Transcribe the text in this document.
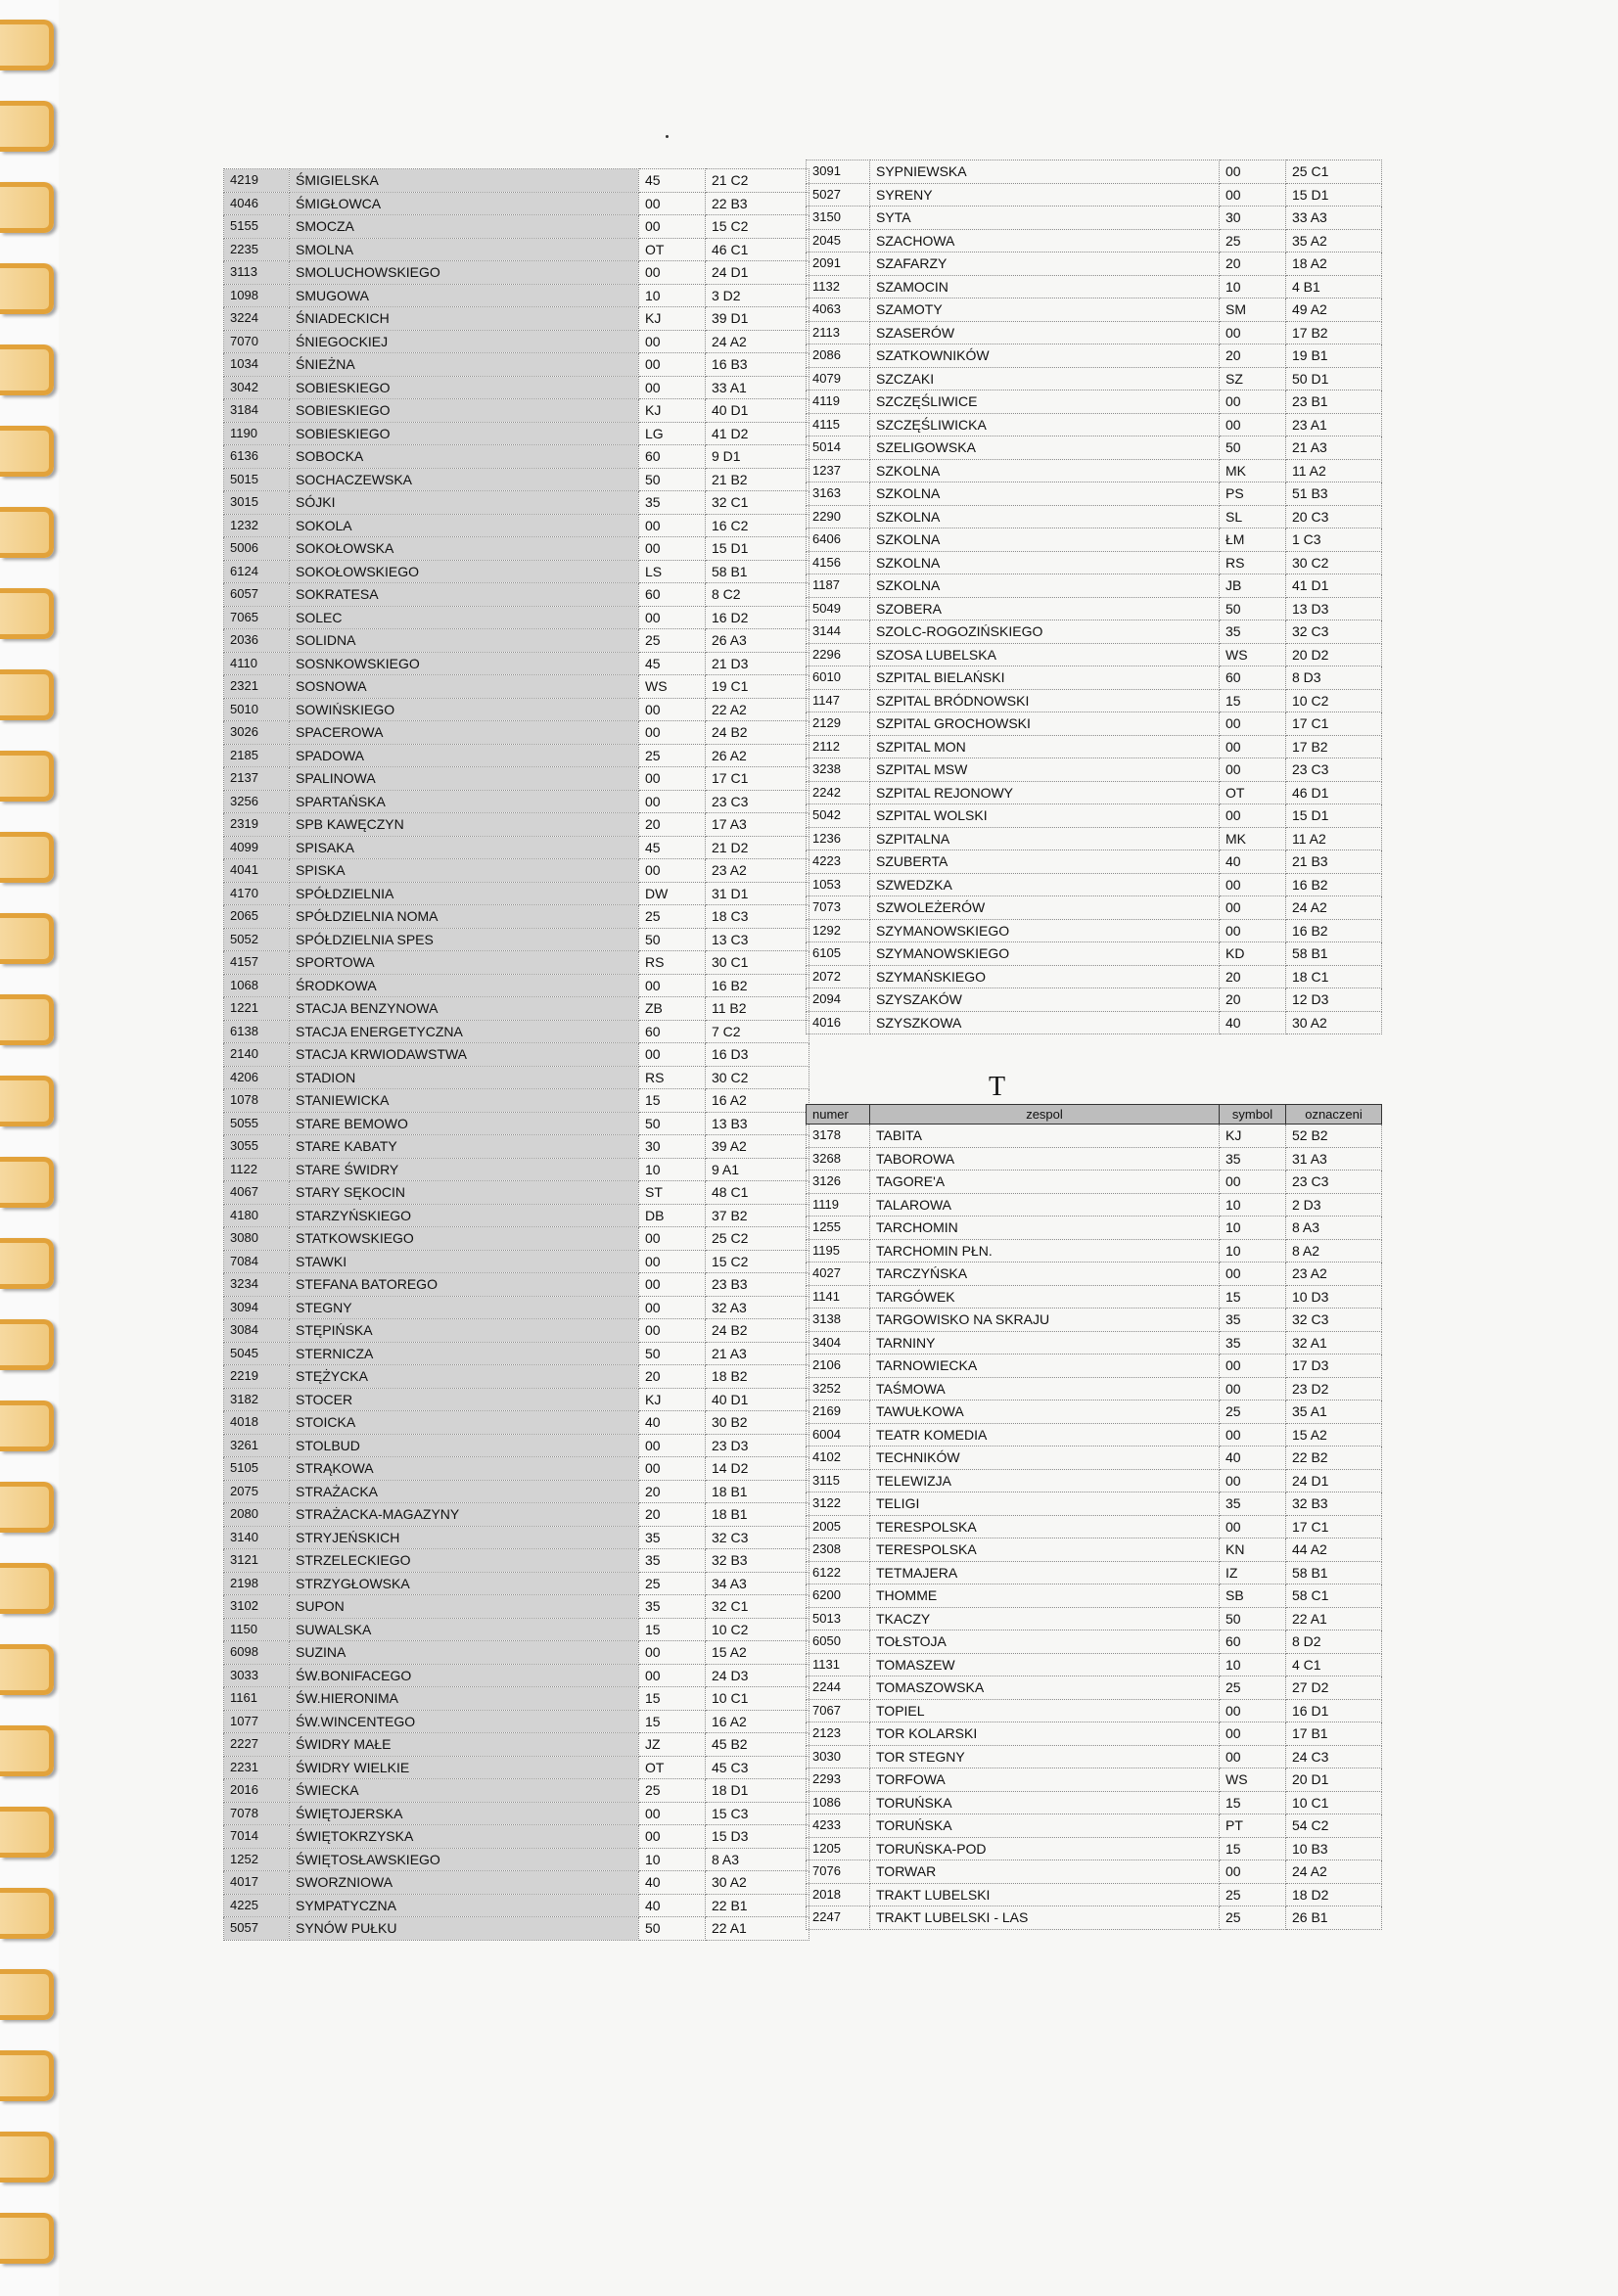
4219	ŚMIGIELSKA	45	21 C2
4046	ŚMIGŁOWCA	00	22 B3
5155	SMOCZA	00	15 C2
2235	SMOLNA	OT	46 C1
3113	SMOLUCHOWSKIEGO	00	24 D1
1098	SMUGOWA	10	3 D2
3224	ŚNIADECKICH	KJ	39 D1
7070	ŚNIEGOCKIEJ	00	24 A2
1034	ŚNIEŻNA	00	16 B3
3042	SOBIESKIEGO	00	33 A1
3184	SOBIESKIEGO	KJ	40 D1
1190	SOBIESKIEGO	LG	41 D2
6136	SOBOCKA	60	9 D1
5015	SOCHACZEWSKA	50	21 B2
3015	SÓJKI	35	32 C1
1232	SOKOLA	00	16 C2
5006	SOKOŁOWSKA	00	15 D1
6124	SOKOŁOWSKIEGO	LS	58 B1
6057	SOKRATESA	60	8 C2
7065	SOLEC	00	16 D2
2036	SOLIDNA	25	26 A3
4110	SOSNKOWSKIEGO	45	21 D3
2321	SOSNOWA	WS	19 C1
5010	SOWIŃSKIEGO	00	22 A2
3026	SPACEROWA	00	24 B2
2185	SPADOWA	25	26 A2
2137	SPALINOWA	00	17 C1
3256	SPARTAŃSKA	00	23 C3
2319	SPB KAWĘCZYN	20	17 A3
4099	SPISAKA	45	21 D2
4041	SPISKA	00	23 A2
4170	SPÓŁDZIELNIA	DW	31 D1
2065	SPÓŁDZIELNIA NOMA	25	18 C3
5052	SPÓŁDZIELNIA SPES	50	13 C3
4157	SPORTOWA	RS	30 C1
1068	ŚRODKOWA	00	16 B2
1221	STACJA BENZYNOWA	ZB	11 B2
6138	STACJA ENERGETYCZNA	60	7 C2
2140	STACJA KRWIODAWSTWA	00	16 D3
4206	STADION	RS	30 C2
1078	STANIEWICKA	15	16 A2
5055	STARE BEMOWO	50	13 B3
3055	STARE KABATY	30	39 A2
1122	STARE ŚWIDRY	10	9 A1
4067	STARY SĘKOCIN	ST	48 C1
4180	STARZYŃSKIEGO	DB	37 B2
3080	STATKOWSKIEGO	00	25 C2
7084	STAWKI	00	15 C2
3234	STEFANA BATOREGO	00	23 B3
3094	STEGNY	00	32 A3
3084	STĘPIŃSKA	00	24 B2
5045	STERNICZA	50	21 A3
2219	STĘŻYCKA	20	18 B2
3182	STOCER	KJ	40 D1
4018	STOICKA	40	30 B2
3261	STOLBUD	00	23 D3
5105	STRĄKOWA	00	14 D2
2075	STRAŻACKA	20	18 B1
2080	STRAŻACKA-MAGAZYNY	20	18 B1
3140	STRYJEŃSKICH	35	32 C3
3121	STRZELECKIEGO	35	32 B3
2198	STRZYGŁOWSKA	25	34 A3
3102	SUPON	35	32 C1
1150	SUWALSKA	15	10 C2
6098	SUZINA	00	15 A2
3033	ŚW.BONIFACEGO	00	24 D3
1161	ŚW.HIERONIMA	15	10 C1
1077	ŚW.WINCENTEGO	15	16 A2
2227	ŚWIDRY MAŁE	JZ	45 B2
2231	ŚWIDRY WIELKIE	OT	45 C3
2016	ŚWIECKA	25	18 D1
7078	ŚWIĘTOJERSKA	00	15 C3
7014	ŚWIĘTOKRZYSKA	00	15 D3
1252	ŚWIĘTOSŁAWSKIEGO	10	8 A3
4017	SWORZNIOWA	40	30 A2
4225	SYMPATYCZNA	40	22 B1
5057	SYNÓW PUŁKU	50	22 A1
3091	SYPNIEWSKA	00	25 C1
5027	SYRENY	00	15 D1
3150	SYTA	30	33 A3
2045	SZACHOWA	25	35 A2
2091	SZAFARZY	20	18 A2
1132	SZAMOCIN	10	4 B1
4063	SZAMOTY	SM	49 A2
2113	SZASERÓW	00	17 B2
2086	SZATKOWNIKÓW	20	19 B1
4079	SZCZAKI	SZ	50 D1
4119	SZCZĘŚLIWICE	00	23 B1
4115	SZCZĘŚLIWICKA	00	23 A1
5014	SZELIGOWSKA	50	21 A3
1237	SZKOLNA	MK	11 A2
3163	SZKOLNA	PS	51 B3
2290	SZKOLNA	SL	20 C3
6406	SZKOLNA	ŁM	1 C3
4156	SZKOLNA	RS	30 C2
1187	SZKOLNA	JB	41 D1
5049	SZOBERA	50	13 D3
3144	SZOLC-ROGOZIŃSKIEGO	35	32 C3
2296	SZOSA LUBELSKA	WS	20 D2
6010	SZPITAL BIELAŃSKI	60	8 D3
1147	SZPITAL BRÓDNOWSKI	15	10 C2
2129	SZPITAL GROCHOWSKI	00	17 C1
2112	SZPITAL MON	00	17 B2
3238	SZPITAL MSW	00	23 C3
2242	SZPITAL REJONOWY	OT	46 D1
5042	SZPITAL WOLSKI	00	15 D1
1236	SZPITALNA	MK	11 A2
4223	SZUBERTA	40	21 B3
1053	SZWEDZKA	00	16 B2
7073	SZWOLEŻERÓW	00	24 A2
1292	SZYMANOWSKIEGO	00	16 B2
6105	SZYMANOWSKIEGO	KD	58 B1
2072	SZYMAŃSKIEGO	20	18 C1
2094	SZYSZAKÓW	20	12 D3
4016	SZYSZKOWA	40	30 A2
T
numer	zespol	symbol	oznaczeni
3178	TABITA	KJ	52 B2
3268	TABOROWA	35	31 A3
3126	TAGORE'A	00	23 C3
1119	TALAROWA	10	2 D3
1255	TARCHOMIN	10	8 A3
1195	TARCHOMIN PŁN.	10	8 A2
4027	TARCZYŃSKA	00	23 A2
1141	TARGÓWEK	15	10 D3
3138	TARGOWISKO NA SKRAJU	35	32 C3
3404	TARNINY	35	32 A1
2106	TARNOWIECKA	00	17 D3
3252	TAŚMOWA	00	23 D2
2169	TAWUŁKOWA	25	35 A1
6004	TEATR KOMEDIA	00	15 A2
4102	TECHNIKÓW	40	22 B2
3115	TELEWIZJA	00	24 D1
3122	TELIGI	35	32 B3
2005	TERESPOLSKA	00	17 C1
2308	TERESPOLSKA	KN	44 A2
6122	TETMAJERA	IZ	58 B1
6200	THOMME	SB	58 C1
5013	TKACZY	50	22 A1
6050	TOŁSTOJA	60	8 D2
1131	TOMASZEW	10	4 C1
2244	TOMASZOWSKA	25	27 D2
7067	TOPIEL	00	16 D1
2123	TOR KOLARSKI	00	17 B1
3030	TOR STEGNY	00	24 C3
2293	TORFOWA	WS	20 D1
1086	TORUŃSKA	15	10 C1
4233	TORUŃSKA	PT	54 C2
1205	TORUŃSKA-POD	15	10 B3
7076	TORWAR	00	24 A2
2018	TRAKT LUBELSKI	25	18 D2
2247	TRAKT LUBELSKI - LAS	25	26 B1
